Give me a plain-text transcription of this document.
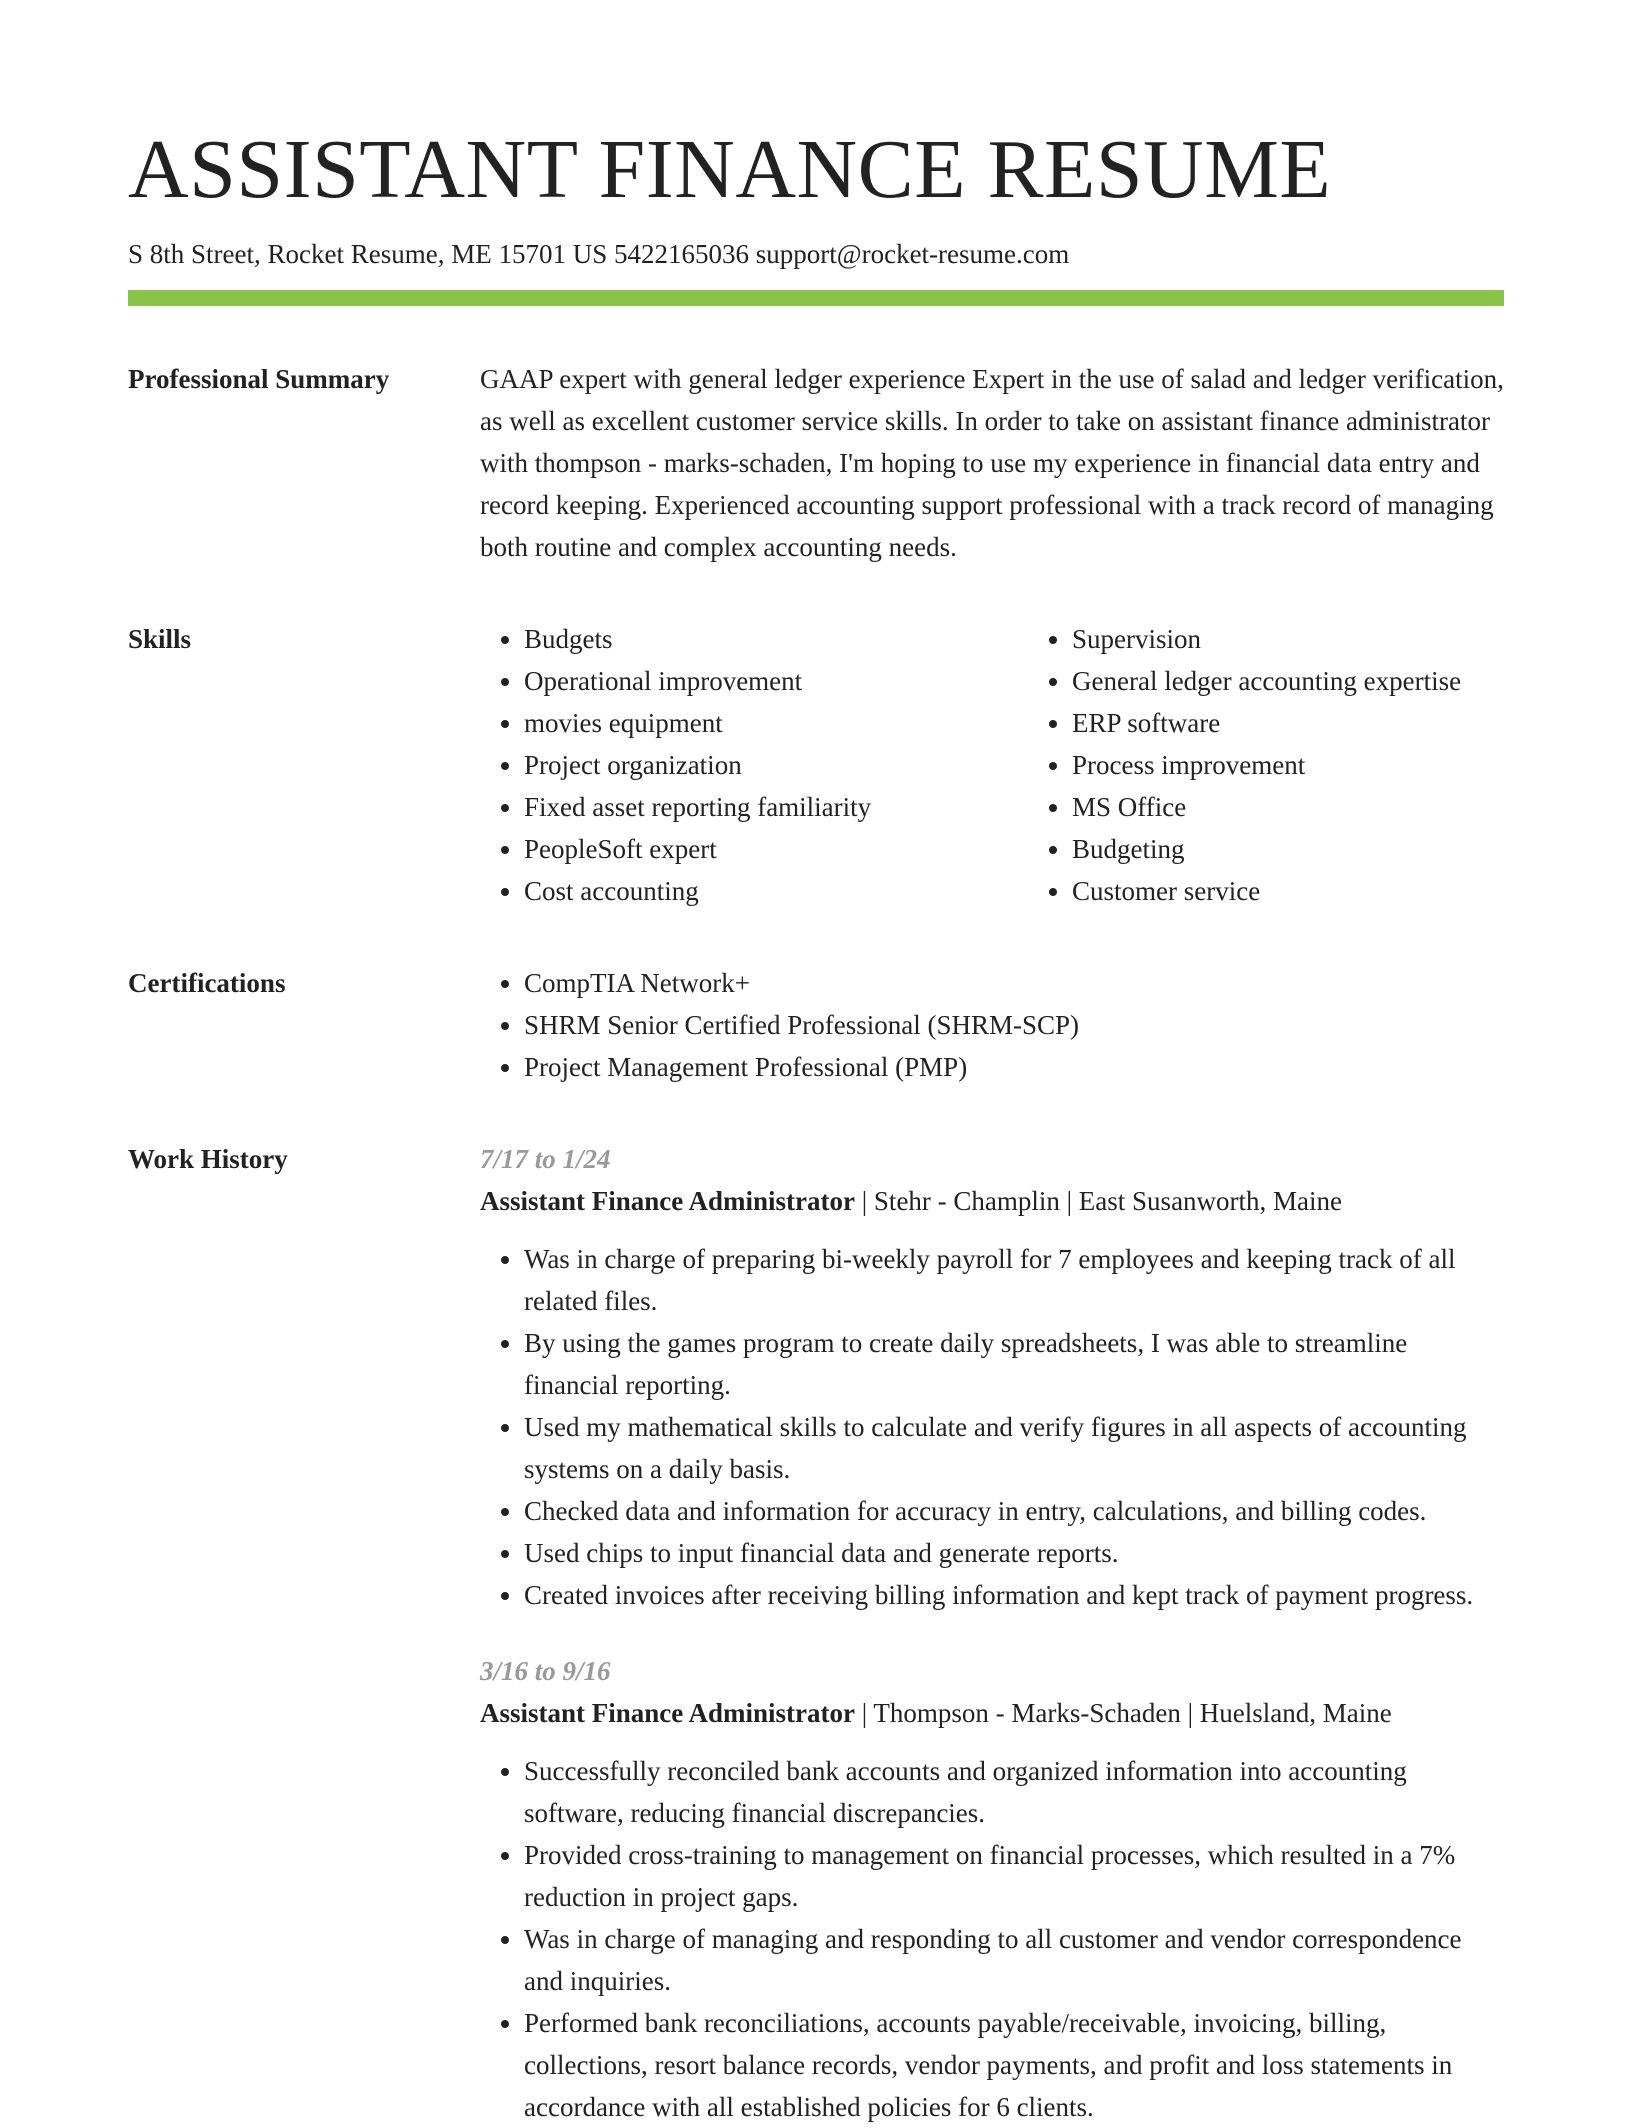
ASSISTANT FINANCE RESUME
S 8th Street, Rocket Resume, ME 15701 US 5422165036 support@rocket-resume.com
Professional Summary	GAAP expert with general ledger experience Expert in the use of salad and ledger verification, as well as excellent customer service skills. In order to take on assistant finance administrator with thompson - marks-schaden, I'm hoping to use my experience in financial data entry and record keeping. Experienced accounting support professional with a track record of managing both routine and complex accounting needs.

Skills	• Budgets
• Operational improvement
• movies equipment
• Project organization
• Fixed asset reporting familiarity
• PeopleSoft expert
• Cost accounting
• Supervision
• General ledger accounting expertise
• ERP software
• Process improvement
• MS Office
• Budgeting
• Customer service
Certifications	• CompTIA Network+
• SHRM Senior Certified Professional (SHRM-SCP)
• Project Management Professional (PMP)
Work History	7/17 to 1/24
Assistant Finance Administrator | Stehr - Champlin | East Susanworth, Maine
• Was in charge of preparing bi-weekly payroll for 7 employees and keeping track of all related files.
• By using the games program to create daily spreadsheets, I was able to streamline financial reporting.
• Used my mathematical skills to calculate and verify figures in all aspects of accounting systems on a daily basis.
• Checked data and information for accuracy in entry, calculations, and billing codes.
• Used chips to input financial data and generate reports.
• Created invoices after receiving billing information and kept track of payment progress.
3/16 to 9/16
Assistant Finance Administrator | Thompson - Marks-Schaden | Huelsland, Maine
• Successfully reconciled bank accounts and organized information into accounting software, reducing financial discrepancies.
• Provided cross-training to management on financial processes, which resulted in a 7% reduction in project gaps.
• Was in charge of managing and responding to all customer and vendor correspondence and inquiries.
• Performed bank reconciliations, accounts payable/receivable, invoicing, billing, collections, resort balance records, vendor payments, and profit and loss statements in accordance with all established policies for 6 clients.
